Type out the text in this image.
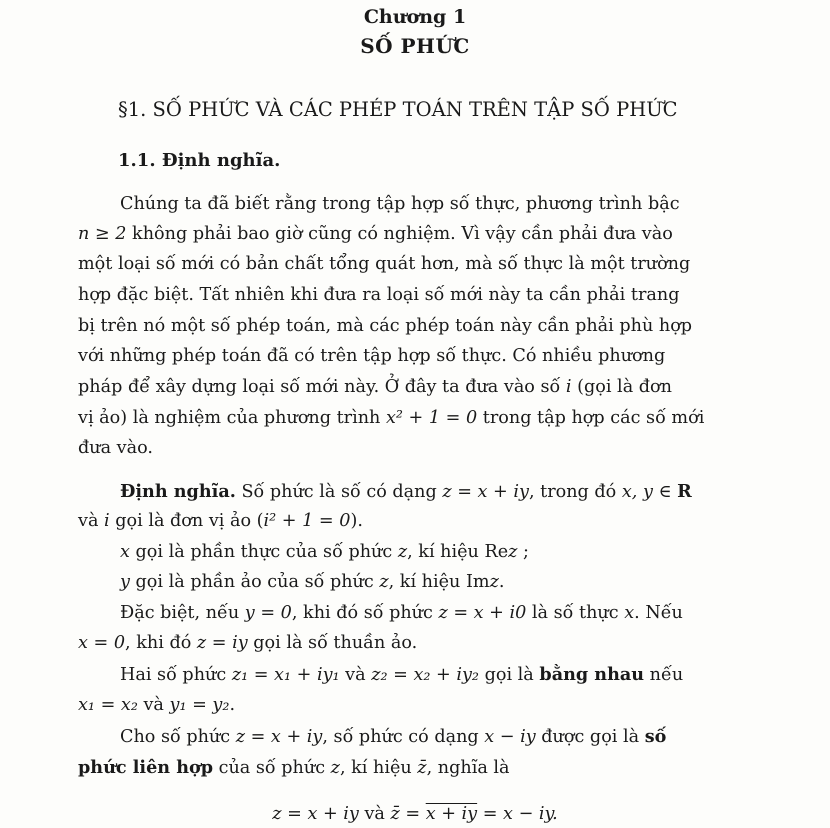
Chương 1
SỐ PHỨC
§1. SỐ PHỨC VÀ CÁC PHÉP TOÁN TRÊN TẬP SỐ PHỨC
1.1. Định nghĩa.
Chúng ta đã biết rằng trong tập hợp số thực, phương trình bậc
n ≥ 2 không phải bao giờ cũng có nghiệm. Vì vậy cần phải đưa vào
một loại số mới có bản chất tổng quát hơn, mà số thực là một trường
hợp đặc biệt. Tất nhiên khi đưa ra loại số mới này ta cần phải trang
bị trên nó một số phép toán, mà các phép toán này cần phải phù hợp
với những phép toán đã có trên tập hợp số thực. Có nhiều phương
pháp để xây dựng loại số mới này. Ở đây ta đưa vào số i (gọi là đơn
vị ảo) là nghiệm của phương trình x² + 1 = 0 trong tập hợp các số mới
đưa vào.
Định nghĩa. Số phức là số có dạng z = x + iy, trong đó x, y ∈ R
và i gọi là đơn vị ảo (i² + 1 = 0).
x gọi là phần thực của số phức z, kí hiệu Rez ;
y gọi là phần ảo của số phức z, kí hiệu Imz.
Đặc biệt, nếu y = 0, khi đó số phức z = x + i0 là số thực x. Nếu
x = 0, khi đó z = iy gọi là số thuần ảo.
Hai số phức z₁ = x₁ + iy₁ và z₂ = x₂ + iy₂ gọi là bằng nhau nếu
x₁ = x₂ và y₁ = y₂.
Cho số phức z = x + iy, số phức có dạng x − iy được gọi là số
phức liên hợp của số phức z, kí hiệu z̄, nghĩa là
z = x + iy và z̄ = x + iy = x − iy.
